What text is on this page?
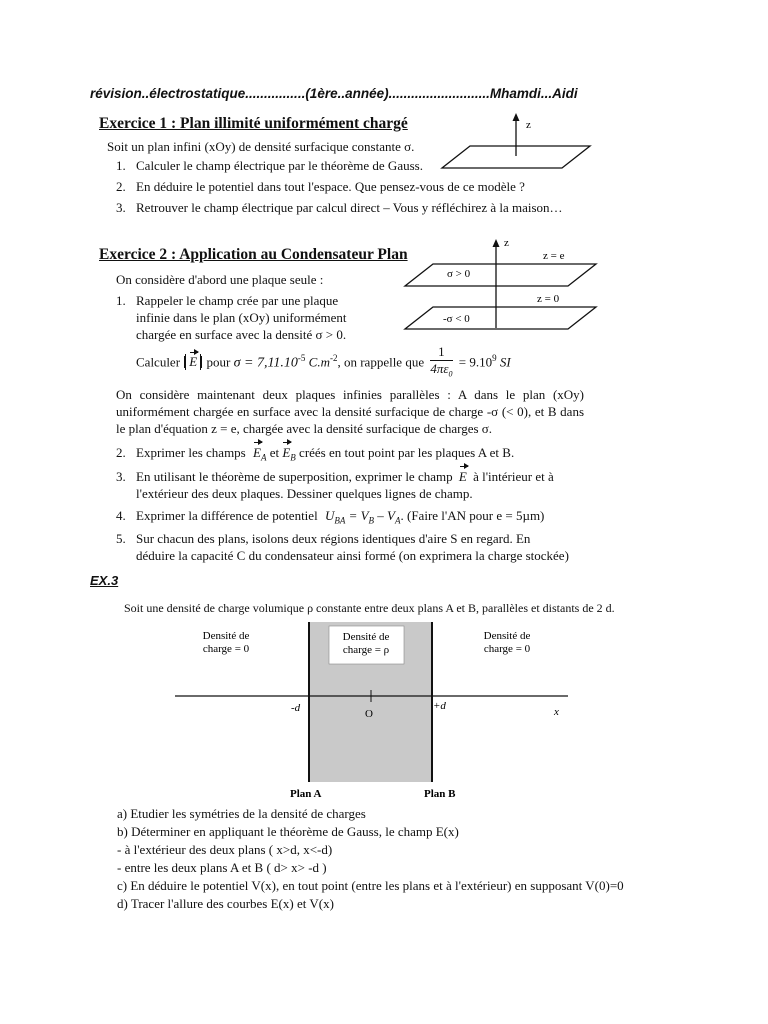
révision..électrostatique................(1ère..année)...........................Mhamdi...Aidi
Exercice 1 : Plan illimité uniformément chargé
Soit un plan infini (xOy) de densité surfacique constante σ.
1. Calculer le champ électrique par le théorème de Gauss.
2. En déduire le potentiel dans tout l'espace. Que pensez-vous de ce modèle ?
3. Retrouver le champ électrique par calcul direct – Vous y réfléchirez à la maison…
z
Exercice 2 : Application au Condensateur Plan
On considère d'abord une plaque seule :
1. Rappeler le champ crée par une plaque
infinie dans le plan (xOy) uniformément
chargée en surface avec la densité σ > 0.
Calculer E pour $\sigma = 7,11.10^{-5}$ $C.m^{-2}$, on rappelle que $\frac{1}{4\pi\varepsilon_0} = 9.10^9$ SI
z
σ > 0
z = e
-σ < 0
z = 0
On considère maintenant deux plaques infinies parallèles : A dans le plan (xOy) uniformément chargée en surface avec la densité surfacique de charge -σ (< 0), et B dans le plan d'équation z = e, chargée avec la densité surfacique de charges σ.
2. Exprimer les champs $E_A$ et $E_B$ créés en tout point par les plaques A et B.
3. En utilisant le théorème de superposition, exprimer le champ E à l'intérieur et à
l'extérieur des deux plaques. Dessiner quelques lignes de champ.
4. Exprimer la différence de potentiel $U_{BA} = V_B - V_A$. (Faire l'AN pour e = 5µm)
5. Sur chacun des plans, isolons deux régions identiques d'aire S en regard. En
déduire la capacité C du condensateur ainsi formé (on exprimera la charge stockée)
EX.3
Soit une densité de charge volumique ρ constante entre deux plans A et B, parallèles et distants de 2 d.
Densité de
charge = ρ
Densité de
charge = 0
Densité de
charge = 0
-d	O
+d	x
Plan A	Plan B
a) Etudier les symétries de la densité de charges
b) Déterminer en appliquant le théorème de Gauss, le champ E(x)
- à l'extérieur des deux plans ( x>d, x<-d)
- entre les deux plans A et B ( d> x> -d )
c) En déduire le potentiel V(x), en tout point (entre les plans et à l'extérieur) en supposant V(0)=0
d) Tracer l'allure des courbes E(x) et V(x)
